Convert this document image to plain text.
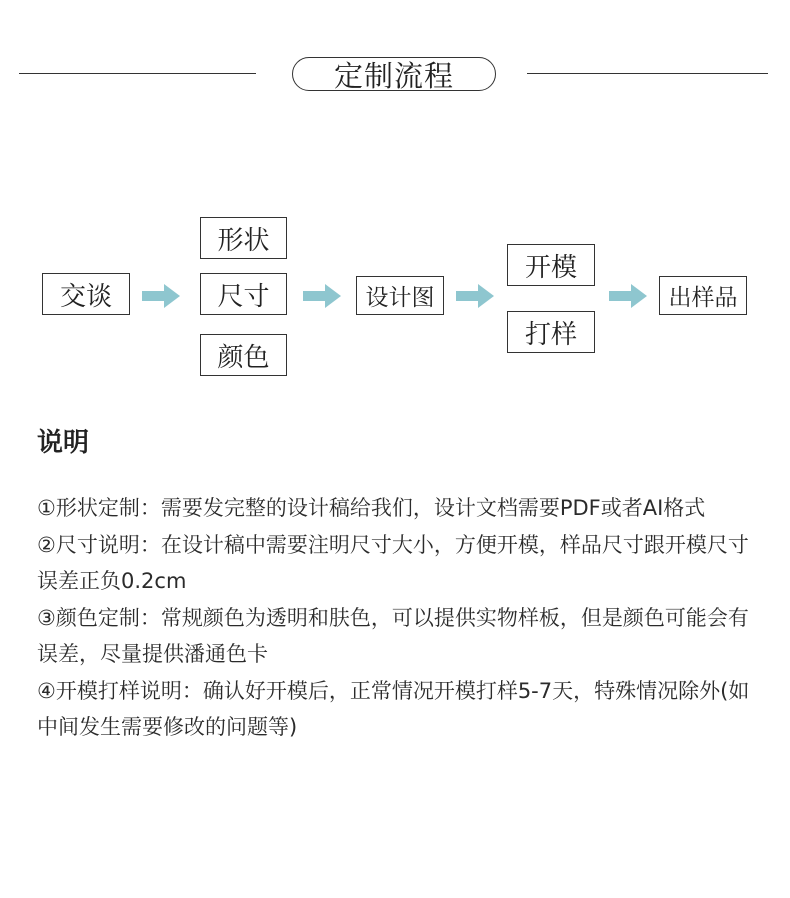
定制流程
交谈
形状
尺寸
颜色
设计图
开模
打样
出样品
说明

①形状定制：需要发完整的设计稿给我们，设计文档需要PDF或者AI格式

②尺寸说明：在设计稿中需要注明尺寸大小，方便开模，样品尺寸跟开模尺寸误差正负0.2cm

③颜色定制：常规颜色为透明和肤色，可以提供实物样板，但是颜色可能会有误差，尽量提供潘通色卡

④开模打样说明：确认好开模后，正常情况开模打样5-7天，特殊情况除外(如中间发生需要修改的问题等)
